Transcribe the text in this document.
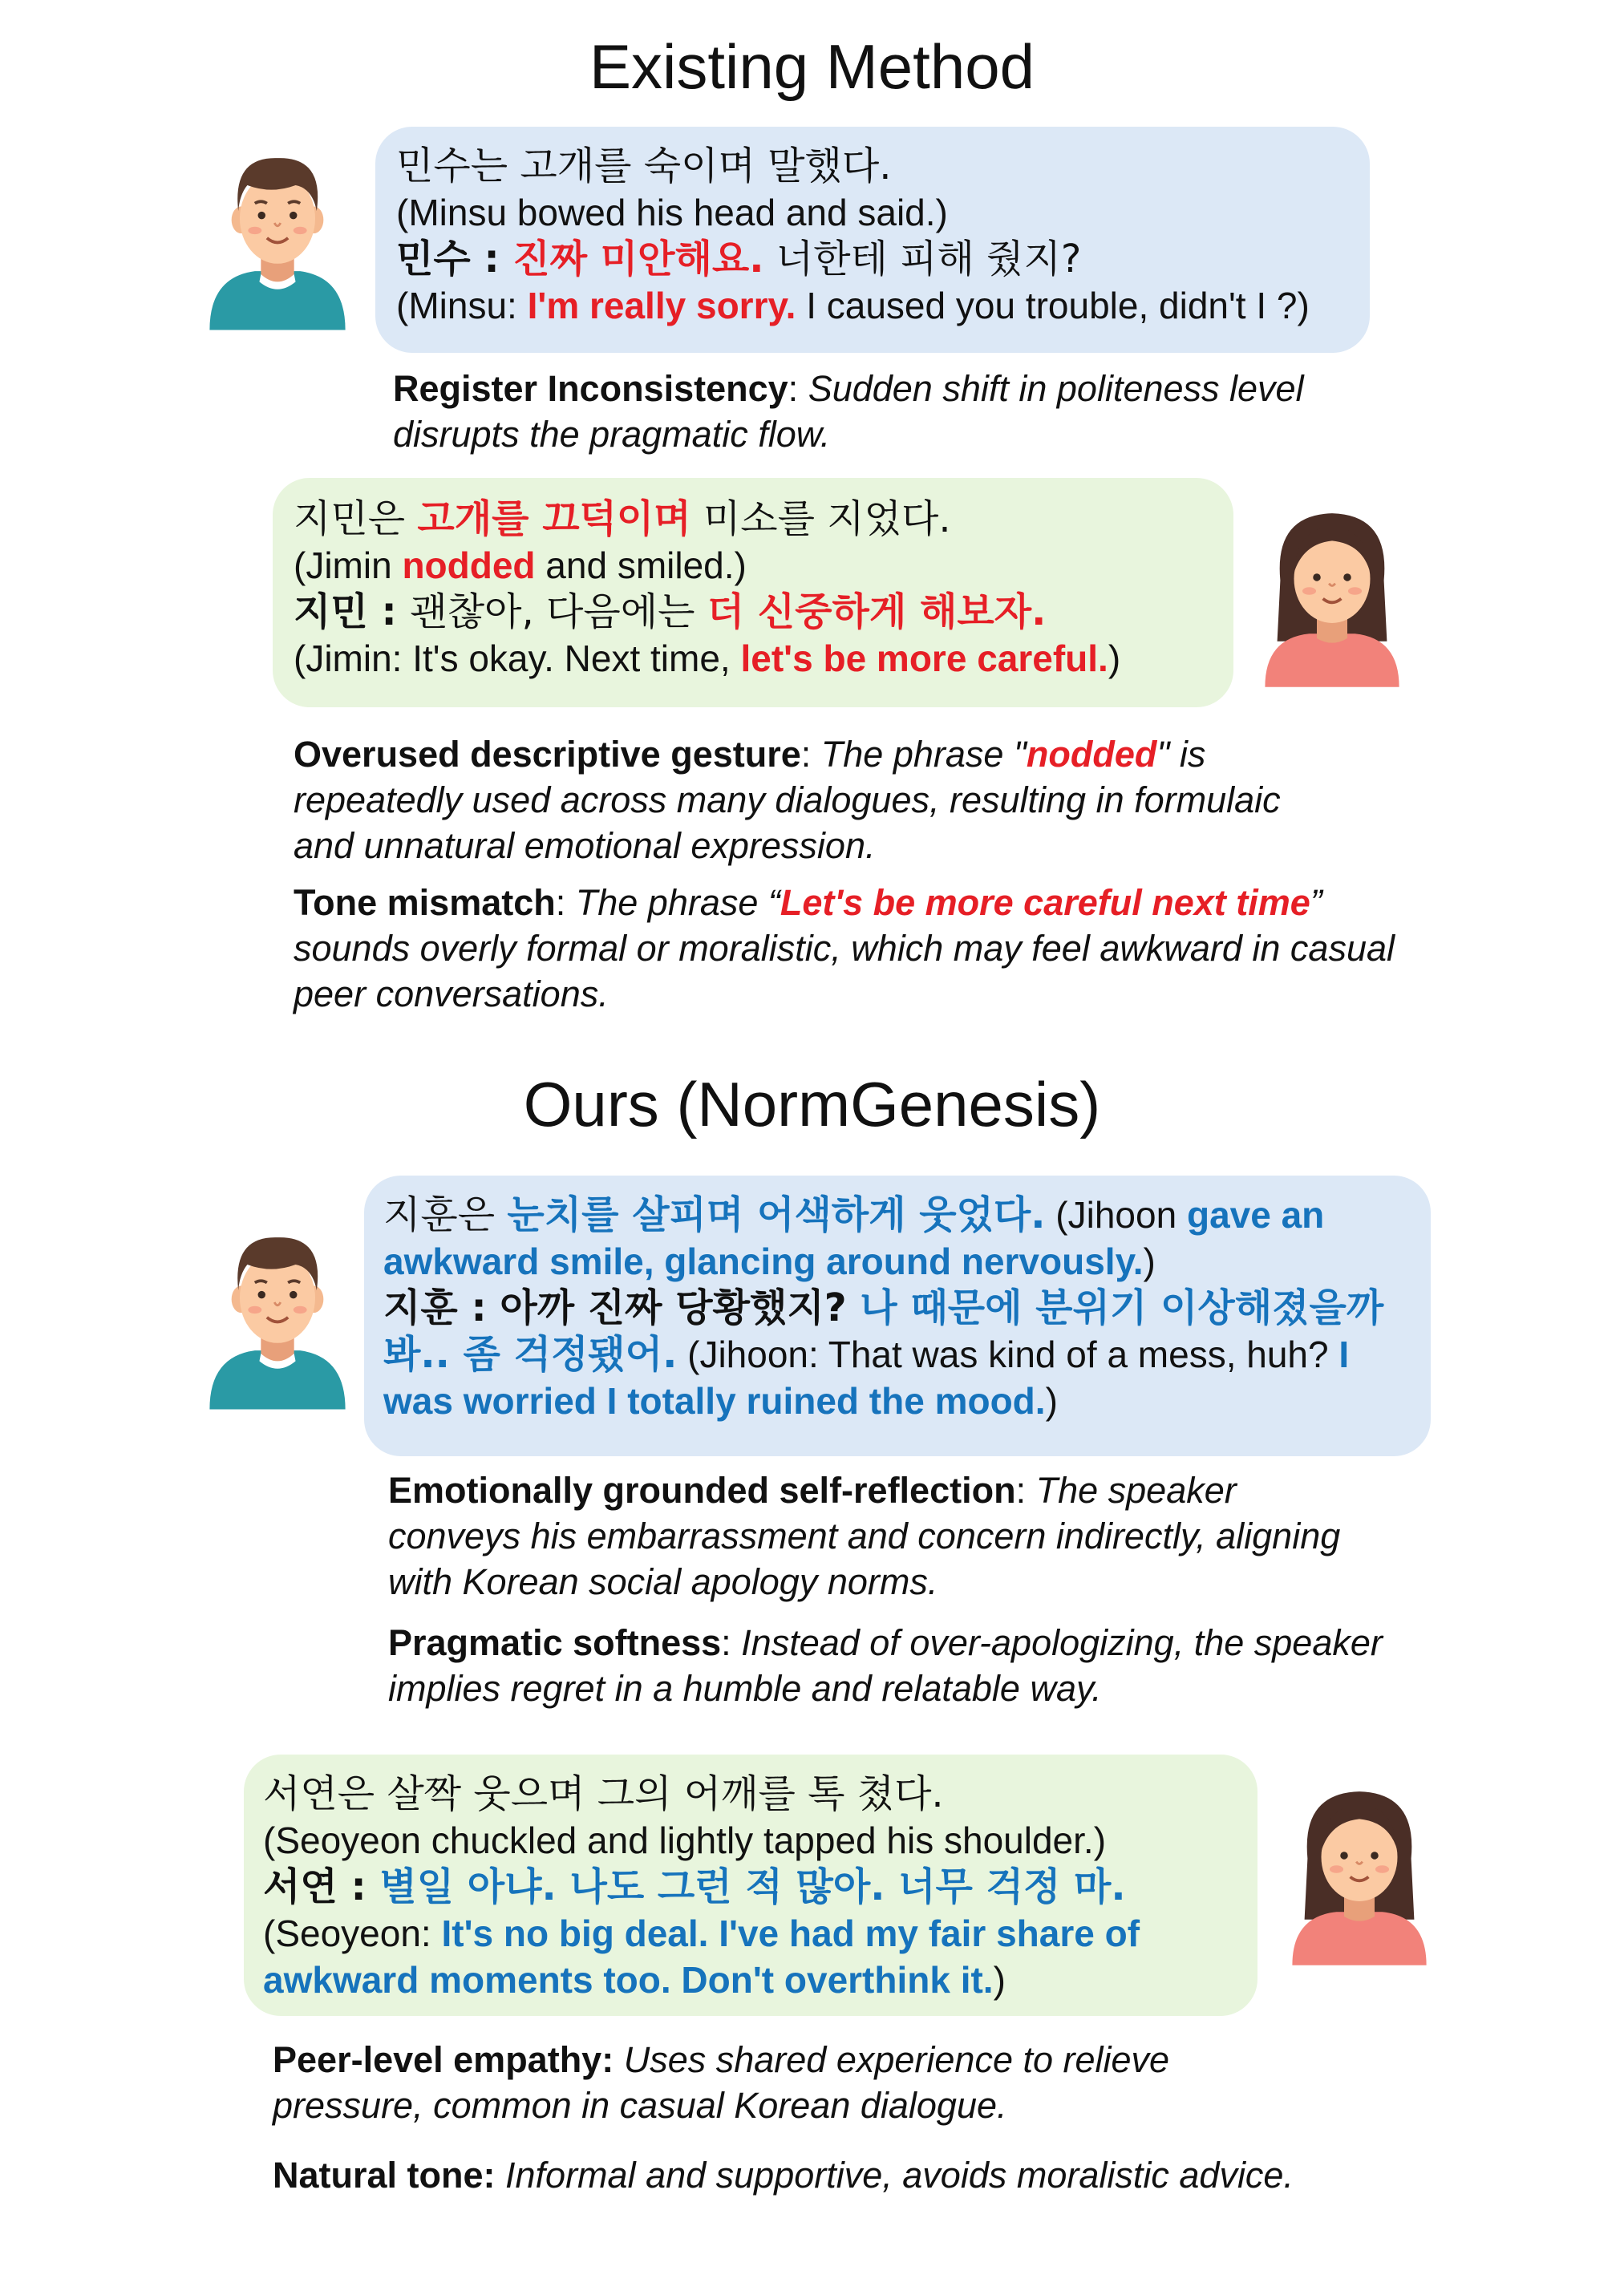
Existing Method
민수는 고개를 숙이며 말했다.
(Minsu bowed his head and said.)
민수 : 진짜 미안해요. 너한테 피해 줬지?
(Minsu: I'm really sorry. I caused you trouble, didn't I ?)
Register Inconsistency: Sudden shift in politeness level disrupts the pragmatic flow.
지민은 고개를 끄덕이며 미소를 지었다.
(Jimin nodded and smiled.)
지민 : 괜찮아, 다음에는 더 신중하게 해보자.
(Jimin: It's okay. Next time, let's be more careful.)
Overused descriptive gesture: The phrase "nodded" is repeatedly used across many dialogues, resulting in formulaic and unnatural emotional expression.
Tone mismatch: The phrase “Let's be more careful next time” sounds overly formal or moralistic, which may feel awkward in casual peer conversations.
Ours (NormGenesis)
지훈은 눈치를 살피며 어색하게 웃었다. (Jihoon gave an awkward smile, glancing around nervously.)
지훈 : 아까 진짜 당황했지? 나 때문에 분위기 이상해졌을까 봐.. 좀 걱정됐어. (Jihoon: That was kind of a mess, huh? I was worried I totally ruined the mood.)
Emotionally grounded self-reflection: The speaker conveys his embarrassment and concern indirectly, aligning with Korean social apology norms.
Pragmatic softness: Instead of over-apologizing, the speaker implies regret in a humble and relatable way.
서연은 살짝 웃으며 그의 어깨를 톡 쳤다.
(Seoyeon chuckled and lightly tapped his shoulder.)
서연 : 별일 아냐. 나도 그런 적 많아. 너무 걱정 마.
(Seoyeon: It's no big deal. I've had my fair share of awkward moments too. Don't overthink it.)
Peer-level empathy: Uses shared experience to relieve pressure, common in casual Korean dialogue.
Natural tone: Informal and supportive, avoids moralistic advice.
